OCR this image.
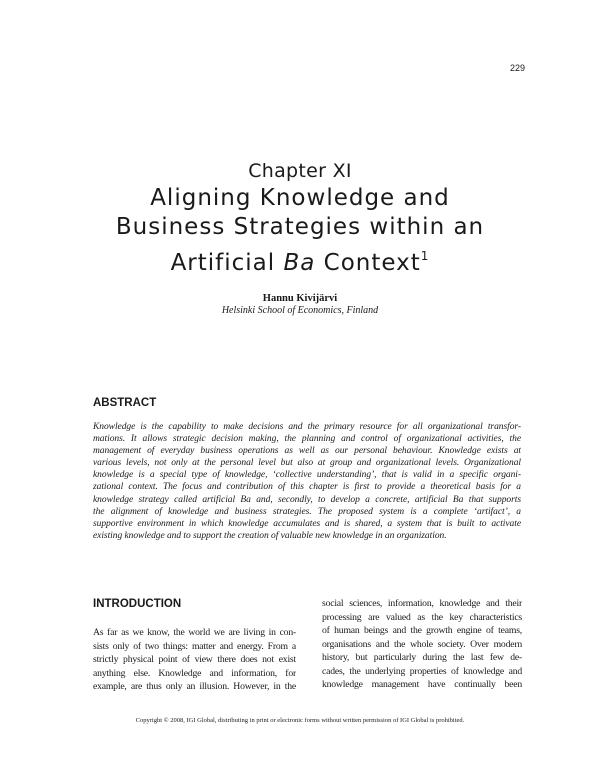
229
Chapter XI
Aligning Knowledge and
Business Strategies within an
Artificial Ba Context$^1$
Hannu Kivijärvi
Helsinki School of Economics, Finland
ABSTRACT

Knowledge is the capability to make decisions and the primary resource for all organizational transfor-
mations. It allows strategic decision making, the planning and control of organizational activities, the
management of everyday business operations as well as our personal behaviour. Knowledge exists at
various levels, not only at the personal level but also at group and organizational levels. Organizational
knowledge is a special type of knowledge, ‘collective understanding’, that is valid in a specific organi-
zational context. The focus and contribution of this chapter is first to provide a theoretical basis for a
knowledge strategy called artificial Ba and, secondly, to develop a concrete, artificial Ba that supports
the alignment of knowledge and business strategies. The proposed system is a complete ‘artifact’, a
supportive environment in which knowledge accumulates and is shared, a system that is built to activate
existing knowledge and to support the creation of valuable new knowledge in an organization.

INTRODUCTION

As far as we know, the world we are living in con-
sists only of two things: matter and energy. From a
strictly physical point of view there does not exist
anything else. Knowledge and information, for
example, are thus only an illusion. However, in the

social sciences, information, knowledge and their
processing are valued as the key characteristics
of human beings and the growth engine of teams,
organisations and the whole society. Over modern
history, but particularly during the last few de-
cades, the underlying properties of knowledge and
knowledge management have continually been

Copyright © 2008, IGI Global, distributing in print or electronic forms without written permission of IGI Global is prohibited.
